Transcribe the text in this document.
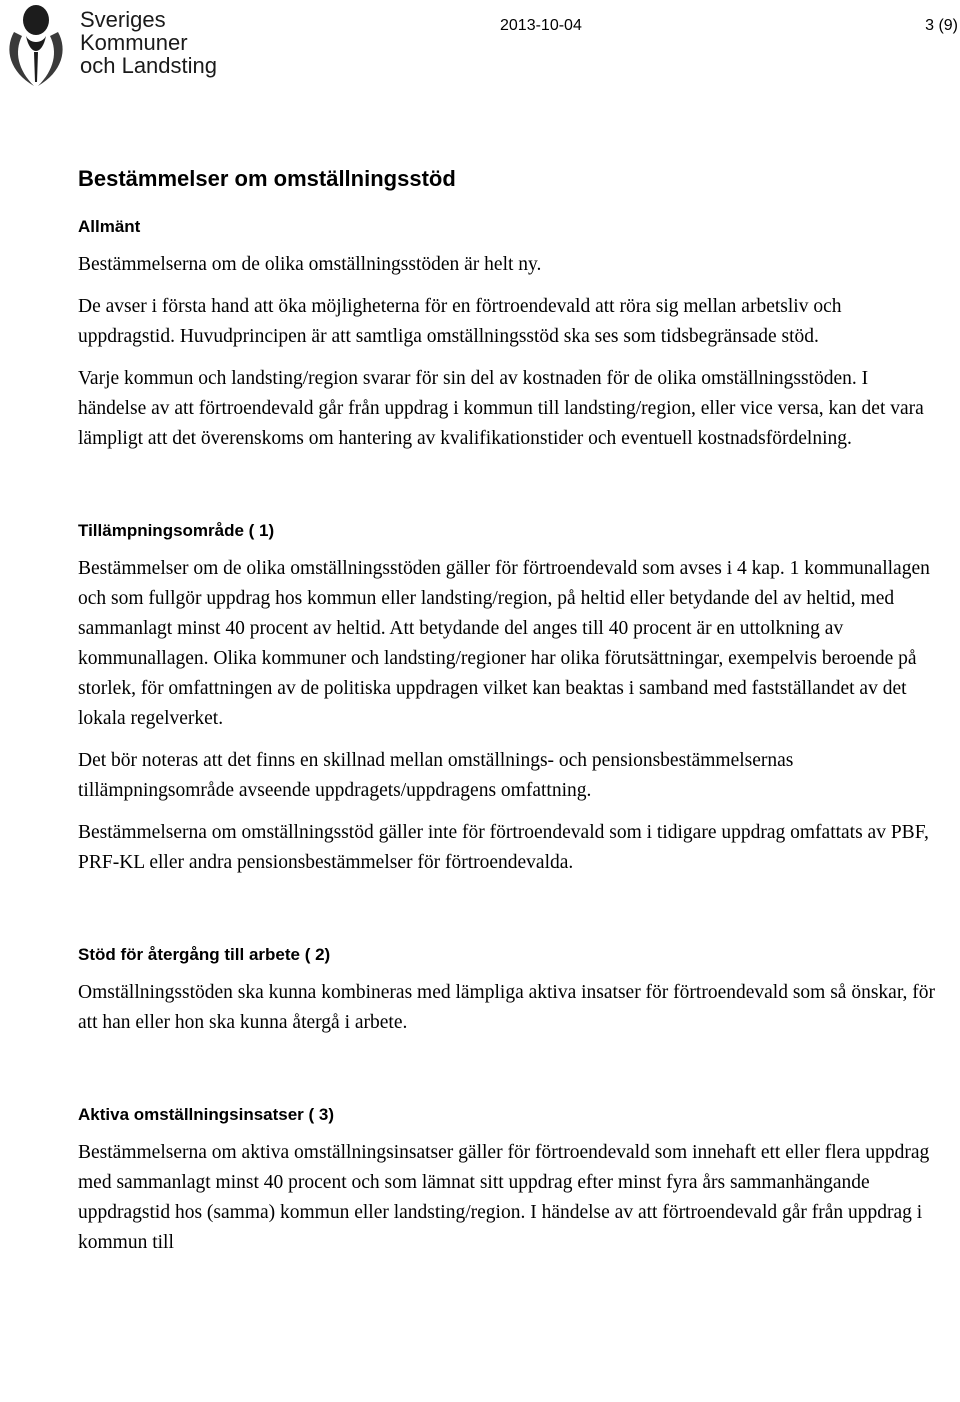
Sveriges
Kommuner
och Landsting
2013-10-04	3 (9)
Bestämmelser om omställningsstöd
Allmänt

Bestämmelserna om de olika omställningsstöden är helt ny.

De avser i första hand att öka möjligheterna för en förtroendevald att röra sig mellan arbetsliv och uppdragstid. Huvudprincipen är att samtliga omställningsstöd ska ses som tidsbegränsade stöd.

Varje kommun och landsting/region svarar för sin del av kostnaden för de olika omställningsstöden. I händelse av att förtroendevald går från uppdrag i kommun till landsting/region, eller vice versa, kan det vara lämpligt att det överenskoms om hantering av kvalifikationstider och eventuell kostnadsfördelning.

Tillämpningsområde ( 1)

Bestämmelser om de olika omställningsstöden gäller för förtroendevald som avses i 4 kap. 1 kommunallagen och som fullgör uppdrag hos kommun eller landsting/region, på heltid eller betydande del av heltid, med sammanlagt minst 40 procent av heltid. Att betydande del anges till 40 procent är en uttolkning av kommunallagen. Olika kommuner och landsting/regioner har olika förutsättningar, exempelvis beroende på storlek, för omfattningen av de politiska uppdragen vilket kan beaktas i samband med fastställandet av det lokala regelverket.

Det bör noteras att det finns en skillnad mellan omställnings- och pensionsbestämmelsernas tillämpningsområde avseende uppdragets/uppdragens omfattning.

Bestämmelserna om omställningsstöd gäller inte för förtroendevald som i tidigare uppdrag omfattats av PBF, PRF-KL eller andra pensionsbestämmelser för förtroendevalda.

Stöd för återgång till arbete ( 2)

Omställningsstöden ska kunna kombineras med lämpliga aktiva insatser för förtroendevald som så önskar, för att han eller hon ska kunna återgå i arbete.

Aktiva omställningsinsatser ( 3)

Bestämmelserna om aktiva omställningsinsatser gäller för förtroendevald som innehaft ett eller flera uppdrag med sammanlagt minst 40 procent och som lämnat sitt uppdrag efter minst fyra års sammanhängande uppdragstid hos (samma) kommun eller landsting/region. I händelse av att förtroendevald går från uppdrag i kommun till
